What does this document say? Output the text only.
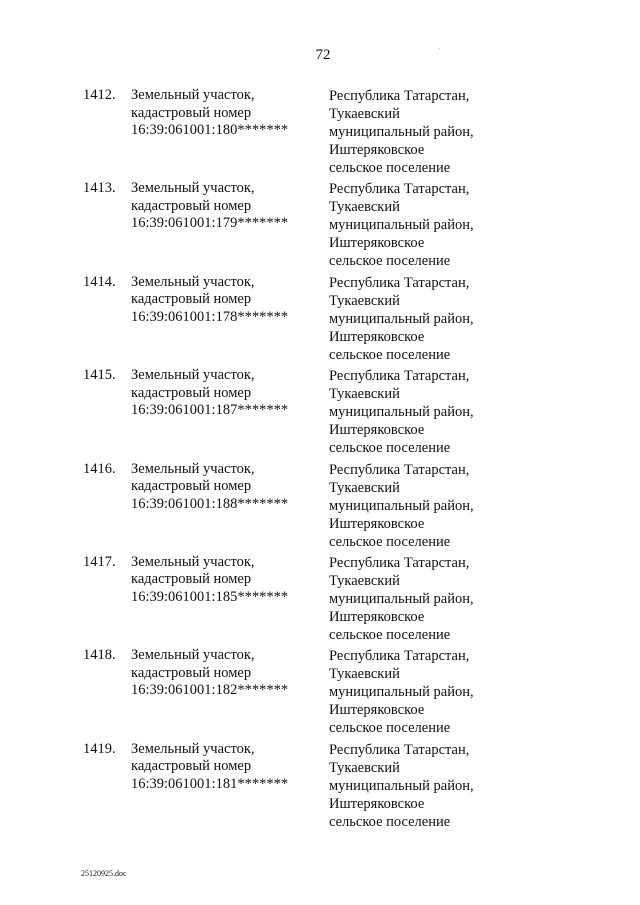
72
1412. Земельный участок,
кадастровый номер
16:39:061001:180*******
Республика Татарстан,
Тукаевский
муниципальный район,
Иштеряковское
сельское поселение
1413. Земельный участок,
кадастровый номер
16:39:061001:179*******
Республика Татарстан,
Тукаевский
муниципальный район,
Иштеряковское
сельское поселение
1414. Земельный участок,
кадастровый номер
16:39:061001:178*******
Республика Татарстан,
Тукаевский
муниципальный район,
Иштеряковское
сельское поселение
1415. Земельный участок,
кадастровый номер
16:39:061001:187*******
Республика Татарстан,
Тукаевский
муниципальный район,
Иштеряковское
сельское поселение
1416. Земельный участок,
кадастровый номер
16:39:061001:188*******
Республика Татарстан,
Тукаевский
муниципальный район,
Иштеряковское
сельское поселение
1417. Земельный участок,
кадастровый номер
16:39:061001:185*******
Республика Татарстан,
Тукаевский
муниципальный район,
Иштеряковское
сельское поселение
1418. Земельный участок,
кадастровый номер
16:39:061001:182*******
Республика Татарстан,
Тукаевский
муниципальный район,
Иштеряковское
сельское поселение
1419. Земельный участок,
кадастровый номер
16:39:061001:181*******
Республика Татарстан,
Тукаевский
муниципальный район,
Иштеряковское
сельское поселение
25120925.doc
